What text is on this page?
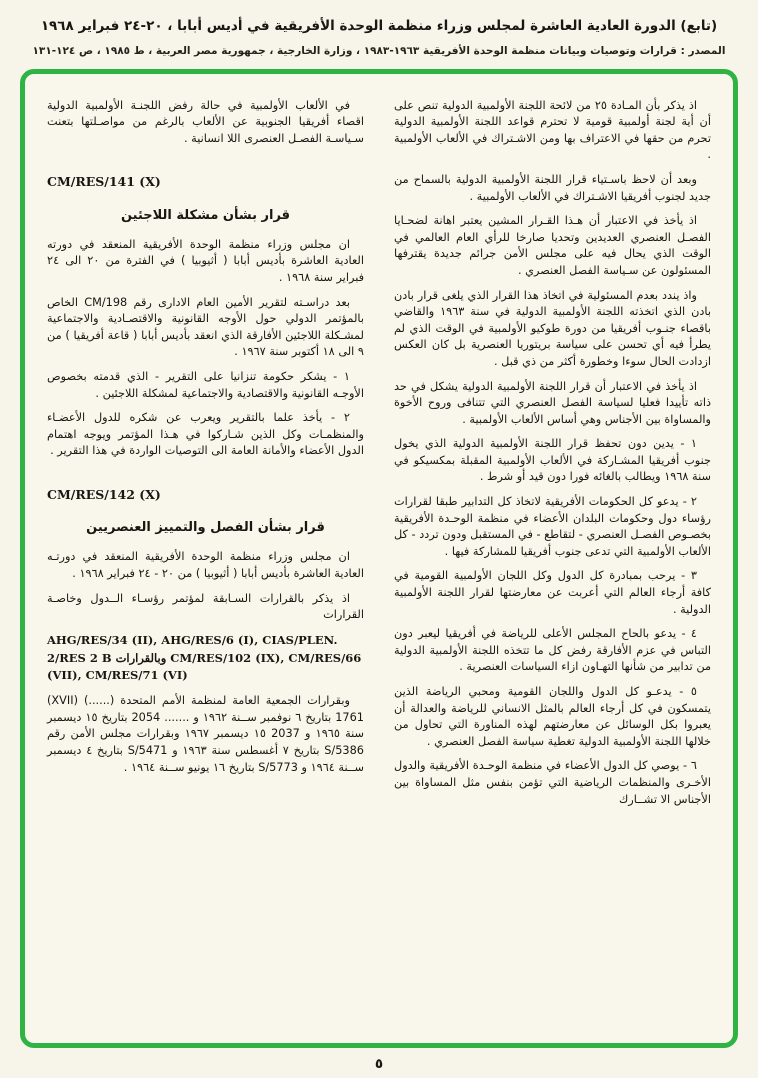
(تابع) الدورة العادية العاشرة لمجلس وزراء منظمة الوحدة الأفريقية في أديس أبابا ، ٢٠-٢٤ فبراير ١٩٦٨
المصدر : قرارات وتوصيات وبيانات منظمة الوحدة الأفريقية ١٩٦٣-١٩٨٣ ، وزارة الخارجية ، جمهورية مصر العربية ، ط ١٩٨٥ ، ص ١٢٤-١٣١

اذ يذكر بأن المـادة ٢٥ من لائحة اللجنة الأولمبية الدولية تنص على أن أية لجنة أولمبية قومية لا تحترم قواعد اللجنة الأولمبية الدولية تحرم من حقها في الاعتراف بها ومن الاشـتراك في الألعاب الأولمبية .

وبعد أن لاحظ باسـتياء قرار اللجنة الأولمبية الدولية بالسماح من جديد لجنوب أفريقيا الاشـتراك في الألعاب الأولمبية .

اذ يأخذ في الاعتبار أن هـذا القـرار المشين يعتبر اهانة لضحـايا الفصـل العنصري العديدين وتحديا صارخا للرأي العام العالمي في الوقت الذي يحال فيه على مجلس الأمن جرائم جديدة يقترفها المسئولون عن سـياسة الفصل العنصري .

واذ يندد بعدم المسئولية في اتخاذ هذا القرار الذي يلغى قرار بادن بادن الذي اتخذته اللجنة الأولمبية الدولية في سنة ١٩٦٣ والقاضي باقصاء جنـوب أفريقيا من دورة طوكيو الأولمبية في الوقت الذي لم يطرأ فيه أي تحسن على سياسة بريتوريا العنصرية بل كان العكس ازدادت الحال سوءا وخطورة أكثر من ذي قبل .

اذ يأخذ في الاعتبار أن قرار اللجنة الأولمبية الدولية يشكل في حد ذاته تأييدا فعليا لسياسة الفصل العنصري التي تتنافى وروح الأخوة والمساواة بين الأجناس وهي أساس الألعاب الأولمبية .

١ - يدين دون تحفظ قرار اللجنة الأولمبية الدولية الذي يخول جنوب أفريقيا المشـاركة في الألعاب الأولمبية المقبلة بمكسيكو في سنة ١٩٦٨ ويطالب بالغائه فورا دون قيد أو شرط .

٢ - يدعو كل الحكومات الأفريقية لاتخاذ كل التدابير طبقا لقرارات رؤساء دول وحكومات البلدان الأعضاء في منظمة الوحـدة الأفريقية بخصـوص الفصـل العنصري - لتقاطع - في المستقبل ودون تردد - كل الألعاب الأولمبية التي تدعى جنوب أفريقيا للمشاركة فيها .

٣ - يرحب بمبادرة كل الدول وكل اللجان الأولمبية القومية في كافة أرجاء العالم التي أعربت عن معارضتها لقرار اللجنة الأولمبية الدولية .

٤ - يدعو بالحاح المجلس الأعلى للرياضة في أفريقيا ليعبر دون التباس في عزم الأفارقة رفض كل ما تتخذه اللجنة الأولمبية الدولية من تدابير من شأنها التهـاون ازاء السياسات العنصرية .

٥ - يدعـو كل الدول واللجان القومية ومحبي الرياضة الذين يتمسكون في كل أرجاء العالم بالمثل الانساني للرياضة والعدالة أن يعبروا بكل الوسائل عن معارضتهم لهذه المناورة التي تحاول من خلالها اللجنة الأولمبية الدولية تغطية سياسة الفصل العنصري .

٦ - يوصي كل الدول الأعضاء في منظمة الوحـدة الأفريقية والدول الأخـرى والمنظمات الرياضية التي تؤمن بنفس مثل المساواة بين الأجناس الا تشــارك

في الألعاب الأولمبية في حالة رفض اللجنـة الأولمبية الدولية اقصاء أفريقيا الجنوبية عن الألعاب بالرغم من مواصـلتها بتعنت سـياسـة الفصـل العنصرى اللا انسانية .

CM/RES/141 (X)
قرار بشأن مشكلة اللاجئين

ان مجلس وزراء منظمة الوحدة الأفريقية المنعقد في دورته العادية العاشرة بأديس أبابا ( أثيوبيا ) في الفترة من ٢٠ الى ٢٤ فبراير سنة ١٩٦٨ .

بعد دراسـته لتقرير الأمين العام الادارى رقم CM/198 الخاص بالمؤتمر الدولي حول الأوجه القانونية والاقتصـادية والاجتماعية لمشـكلة اللاجئين الأفارقة الذي انعقد بأديس أبابا ( قاعة أفريقيا ) من ٩ الى ١٨ أكتوبر سنة ١٩٦٧ .

١ - يشكر حكومة تنزانيا على التقرير - الذي قدمته بخصوص الأوجـه القانونية والاقتصادية والاجتماعية لمشكلة اللاجئين .

٢ - يأخذ علما بالتقرير ويعرب عن شكره للدول الأعضـاء والمنظمـات وكل الذين شـاركوا في هـذا المؤتمر ويوجه اهتمام الدول الأعضاء والأمانة العامة الى التوصيات الواردة في هذا التقرير .

CM/RES/142 (X)
قرار بشأن الفصل والتمييز العنصريين

ان مجلس وزراء منظمة الوحدة الأفريقية المنعقد في دورتـه العادية العاشرة بأديس أبابا ( أثيوبيا ) من ٢٠ - ٢٤ فبراير ١٩٦٨ .

اذ يذكر بالقرارات السـابقة لمؤتمر رؤسـاء الــدول وخاصـة القرارات

AHG/RES/34 (II), AHG/RES/6 (I), CIAS/PLEN. 2/RES 2 B وبالقرارات CM/RES/102 (IX), CM/RES/66 (VII), CM/RES/71 (VI)

وبقرارات الجمعية العامة لمنظمة الأمم المتحدة (......) (XVII) 1761 بتاريخ ٦ نوفمبر ســنة ١٩٦٢ و ....... 2054 بتاريخ ١٥ ديسمبر سنة ١٩٦٥ و 2037 ١٥ ديسمبر ١٩٦٧ وبقرارات مجلس الأمن رقم S/5386 بتاريخ ٧ أغسطس سنة ١٩٦٣ و S/5471 بتاريخ ٤ ديسمبر ســنة ١٩٦٤ و S/5773 بتاريخ ١٦ يونيو ســنة ١٩٦٤ .

٥
